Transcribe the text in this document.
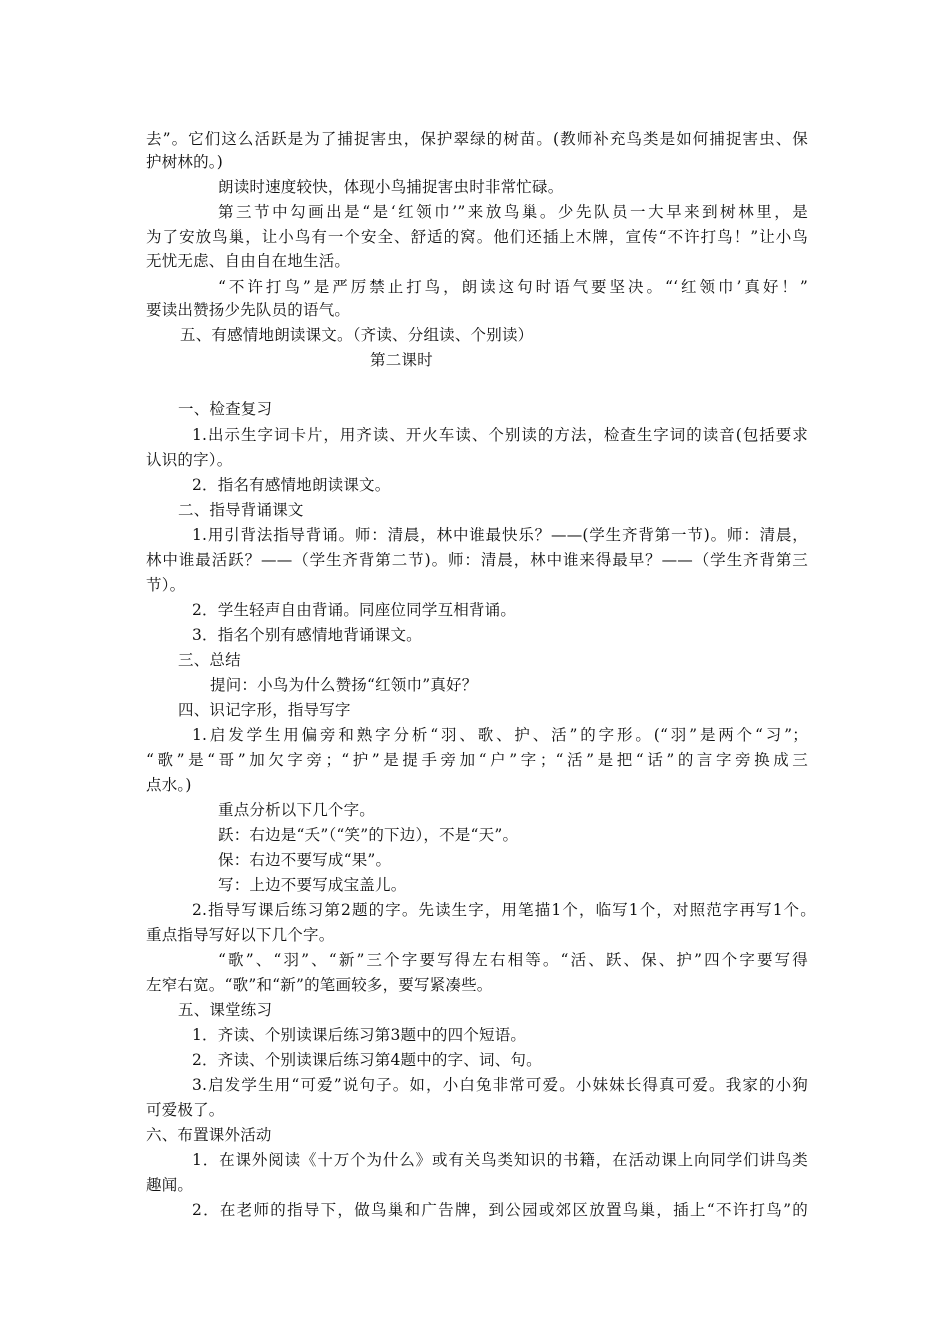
去”。它们这么活跃是为了捕捉害虫，保护翠绿的树苗。(教师补充鸟类是如何捕捉害虫、保
护树林的。)
朗读时速度较快，体现小鸟捕捉害虫时非常忙碌。
第三节中勾画出是“是‘红领巾’”来放鸟巢。少先队员一大早来到树林里，是
为了安放鸟巢，让小鸟有一个安全、舒适的窝。他们还插上木牌，宣传“不许打鸟！”让小鸟
无忧无虑、自由自在地生活。
“不许打鸟”是严厉禁止打鸟，朗读这句时语气要坚决。“‘红领巾’真好！”
要读出赞扬少先队员的语气。
五、有感情地朗读课文。（齐读、分组读、个别读）
第二课时
一、检查复习
1.出示生字词卡片，用齐读、开火车读、个别读的方法，检查生字词的读音(包括要求
认识的字）。
2．指名有感情地朗读课文。
二、指导背诵课文
1.用引背法指导背诵。师：清晨，林中谁最快乐？——(学生齐背第一节)。师：清晨，
林中谁最活跃？——（学生齐背第二节)。师：清晨，林中谁来得最早？——（学生齐背第三
节）。
2．学生轻声自由背诵。同座位同学互相背诵。
3．指名个别有感情地背诵课文。
三、总结
提问：小鸟为什么赞扬“红领巾”真好？
四、识记字形，指导写字
1.启发学生用偏旁和熟字分析“羽、歌、护、活”的字形。(“羽”是两个“习”；
“歌”是“哥”加欠字旁；“护”是提手旁加“户”字；“活”是把“话”的言字旁换成三
点水。)
重点分析以下几个字。
跃：右边是“夭”（“笑”的下边），不是“天”。
保：右边不要写成“果”。
写：上边不要写成宝盖儿。
2.指导写课后练习第2题的字。先读生字，用笔描1个，临写1个，对照范字再写1个。
重点指导写好以下几个字。
“歌”、“羽”、“新”三个字要写得左右相等。“活、跃、保、护”四个字要写得
左窄右宽。“歌”和“新”的笔画较多，要写紧凑些。
五、课堂练习
1．齐读、个别读课后练习第3题中的四个短语。
2．齐读、个别读课后练习第4题中的字、词、句。
3.启发学生用“可爱”说句子。如，小白兔非常可爱。小妹妹长得真可爱。我家的小狗
可爱极了。
六、布置课外活动
1．在课外阅读《十万个为什么》或有关鸟类知识的书籍，在活动课上向同学们讲鸟类
趣闻。
2．在老师的指导下，做鸟巢和广告牌，到公园或郊区放置鸟巢，插上“不许打鸟”的
